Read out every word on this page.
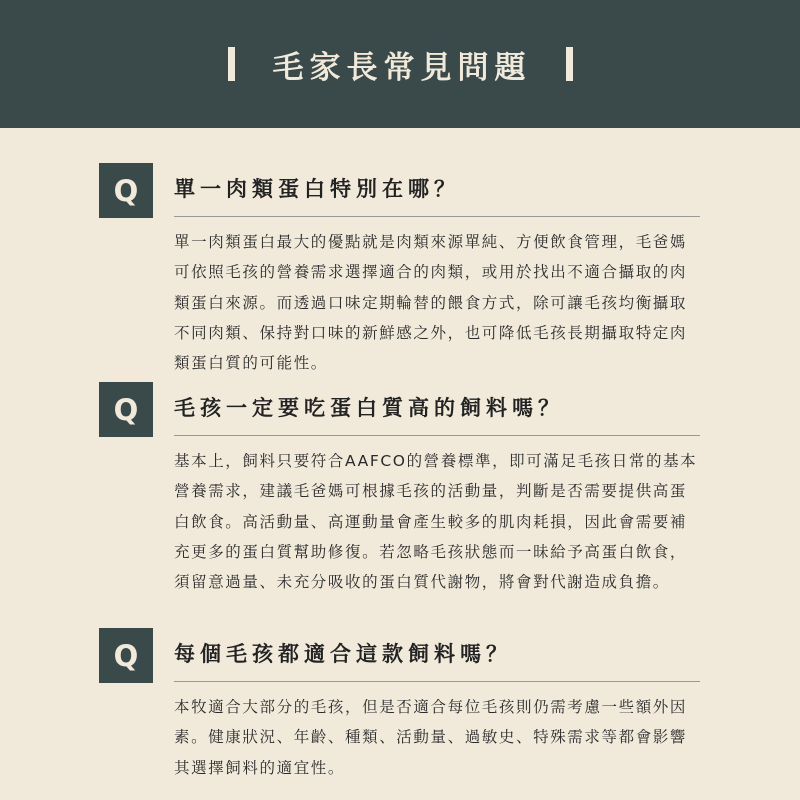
毛家長常見問題
Q	單一肉類蛋白特別在哪？

單一肉類蛋白最大的優點就是肉類來源單純、方便飲食管理，毛爸媽可依照毛孩的營養需求選擇適合的肉類，或用於找出不適合攝取的肉類蛋白來源。而透過口味定期輪替的餵食方式，除可讓毛孩均衡攝取不同肉類、保持對口味的新鮮感之外，也可降低毛孩長期攝取特定肉類蛋白質的可能性。

Q	毛孩一定要吃蛋白質高的飼料嗎？

基本上，飼料只要符合AAFCO的營養標準，即可滿足毛孩日常的基本營養需求，建議毛爸媽可根據毛孩的活動量，判斷是否需要提供高蛋白飲食。高活動量、高運動量會產生較多的肌肉耗損，因此會需要補充更多的蛋白質幫助修復。若忽略毛孩狀態而一昧給予高蛋白飲食，須留意過量、未充分吸收的蛋白質代謝物，將會對代謝造成負擔。

Q	每個毛孩都適合這款飼料嗎？

本牧適合大部分的毛孩，但是否適合每位毛孩則仍需考慮一些額外因素。健康狀況、年齡、種類、活動量、過敏史、特殊需求等都會影響其選擇飼料的適宜性。
